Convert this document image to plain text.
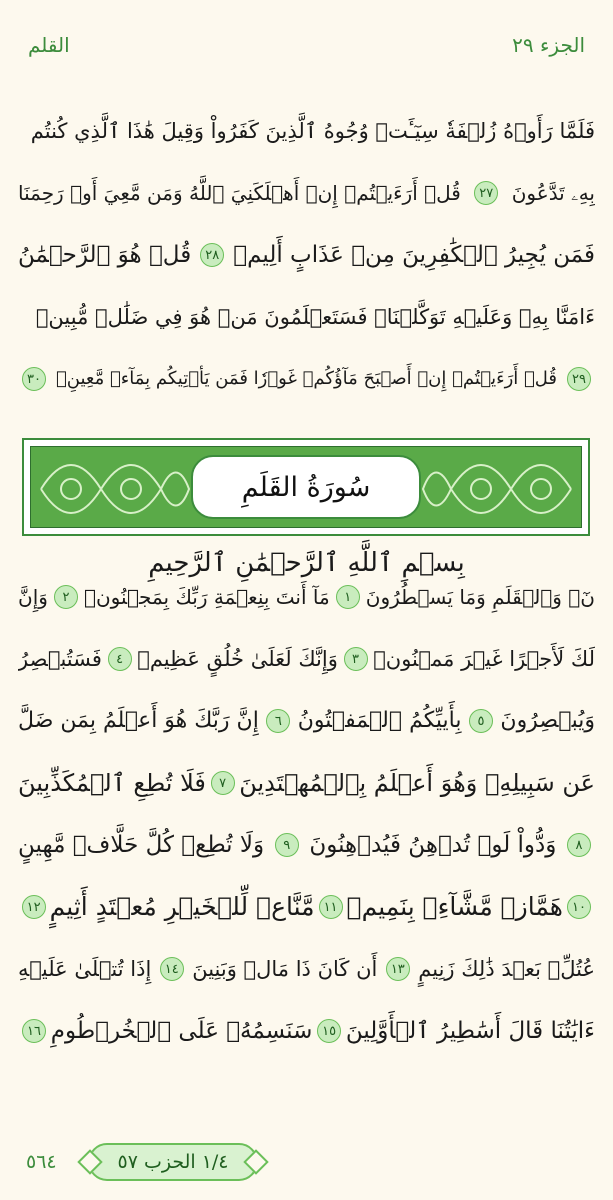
القلم	الجزء ٢٩
فَلَمَّا رَأَوۡهُ زُلۡفَةٗ سِيٓـَٔتۡ وُجُوهُ ٱلَّذِينَ كَفَرُواْ وَقِيلَ هَٰذَا ٱلَّذِي كُنتُم
بِهِۦ تَدَّعُونَ
٢٧
قُلۡ أَرَءَيۡتُمۡ إِنۡ أَهۡلَكَنِيَ ٱللَّهُ وَمَن مَّعِيَ أَوۡ رَحِمَنَا
فَمَن يُجِيرُ ٱلۡكَٰفِرِينَ مِنۡ عَذَابٍ أَلِيمٖ
٢٨
قُلۡ هُوَ ٱلرَّحۡمَٰنُ
ءَامَنَّا بِهِۦ وَعَلَيۡهِ تَوَكَّلۡنَاۖ فَسَتَعۡلَمُونَ مَنۡ هُوَ فِي ضَلَٰلٖ مُّبِينٖ
٢٩
قُلۡ أَرَءَيۡتُمۡ إِنۡ أَصۡبَحَ مَآؤُكُمۡ غَوۡرٗا فَمَن يَأۡتِيكُم بِمَآءٖ مَّعِينِۭ
٣٠
سُورَةُ القَلَمِ
بِسۡمِ ٱللَّهِ ٱلرَّحۡمَٰنِ ٱلرَّحِيمِ
نٓۚ وَٱلۡقَلَمِ وَمَا يَسۡطُرُونَ
١
مَآ أَنتَ بِنِعۡمَةِ رَبِّكَ بِمَجۡنُونٖ
٢
وَإِنَّ
لَكَ لَأَجۡرًا غَيۡرَ مَمۡنُونٖ
٣
وَإِنَّكَ لَعَلَىٰ خُلُقٍ عَظِيمٖ
٤
فَسَتُبۡصِرُ
وَيُبۡصِرُونَ
٥
بِأَييِّكُمُ ٱلۡمَفۡتُونُ
٦
إِنَّ رَبَّكَ هُوَ أَعۡلَمُ بِمَن ضَلَّ
عَن سَبِيلِهِۦ وَهُوَ أَعۡلَمُ بِٱلۡمُهۡتَدِينَ
٧
فَلَا تُطِعِ ٱلۡمُكَذِّبِينَ
٨
وَدُّواْ لَوۡ تُدۡهِنُ فَيُدۡهِنُونَ
٩
وَلَا تُطِعۡ كُلَّ حَلَّافٖ مَّهِينٍ
١٠
هَمَّازٖ مَّشَّآءِۭ بِنَمِيمٖ
١١
مَّنَّاعٖ لِّلۡخَيۡرِ مُعۡتَدٍ أَثِيمٍ
١٢
عُتُلِّۭ بَعۡدَ ذَٰلِكَ زَنِيمٍ
١٣
أَن كَانَ ذَا مَالٖ وَبَنِينَ
١٤
إِذَا تُتۡلَىٰ عَلَيۡهِ
ءَايَٰتُنَا قَالَ أَسَٰطِيرُ ٱلۡأَوَّلِينَ
١٥
سَنَسِمُهُۥ عَلَى ٱلۡخُرۡطُومِ
١٦
٥٦٤	١/٤ الحزب ٥٧
